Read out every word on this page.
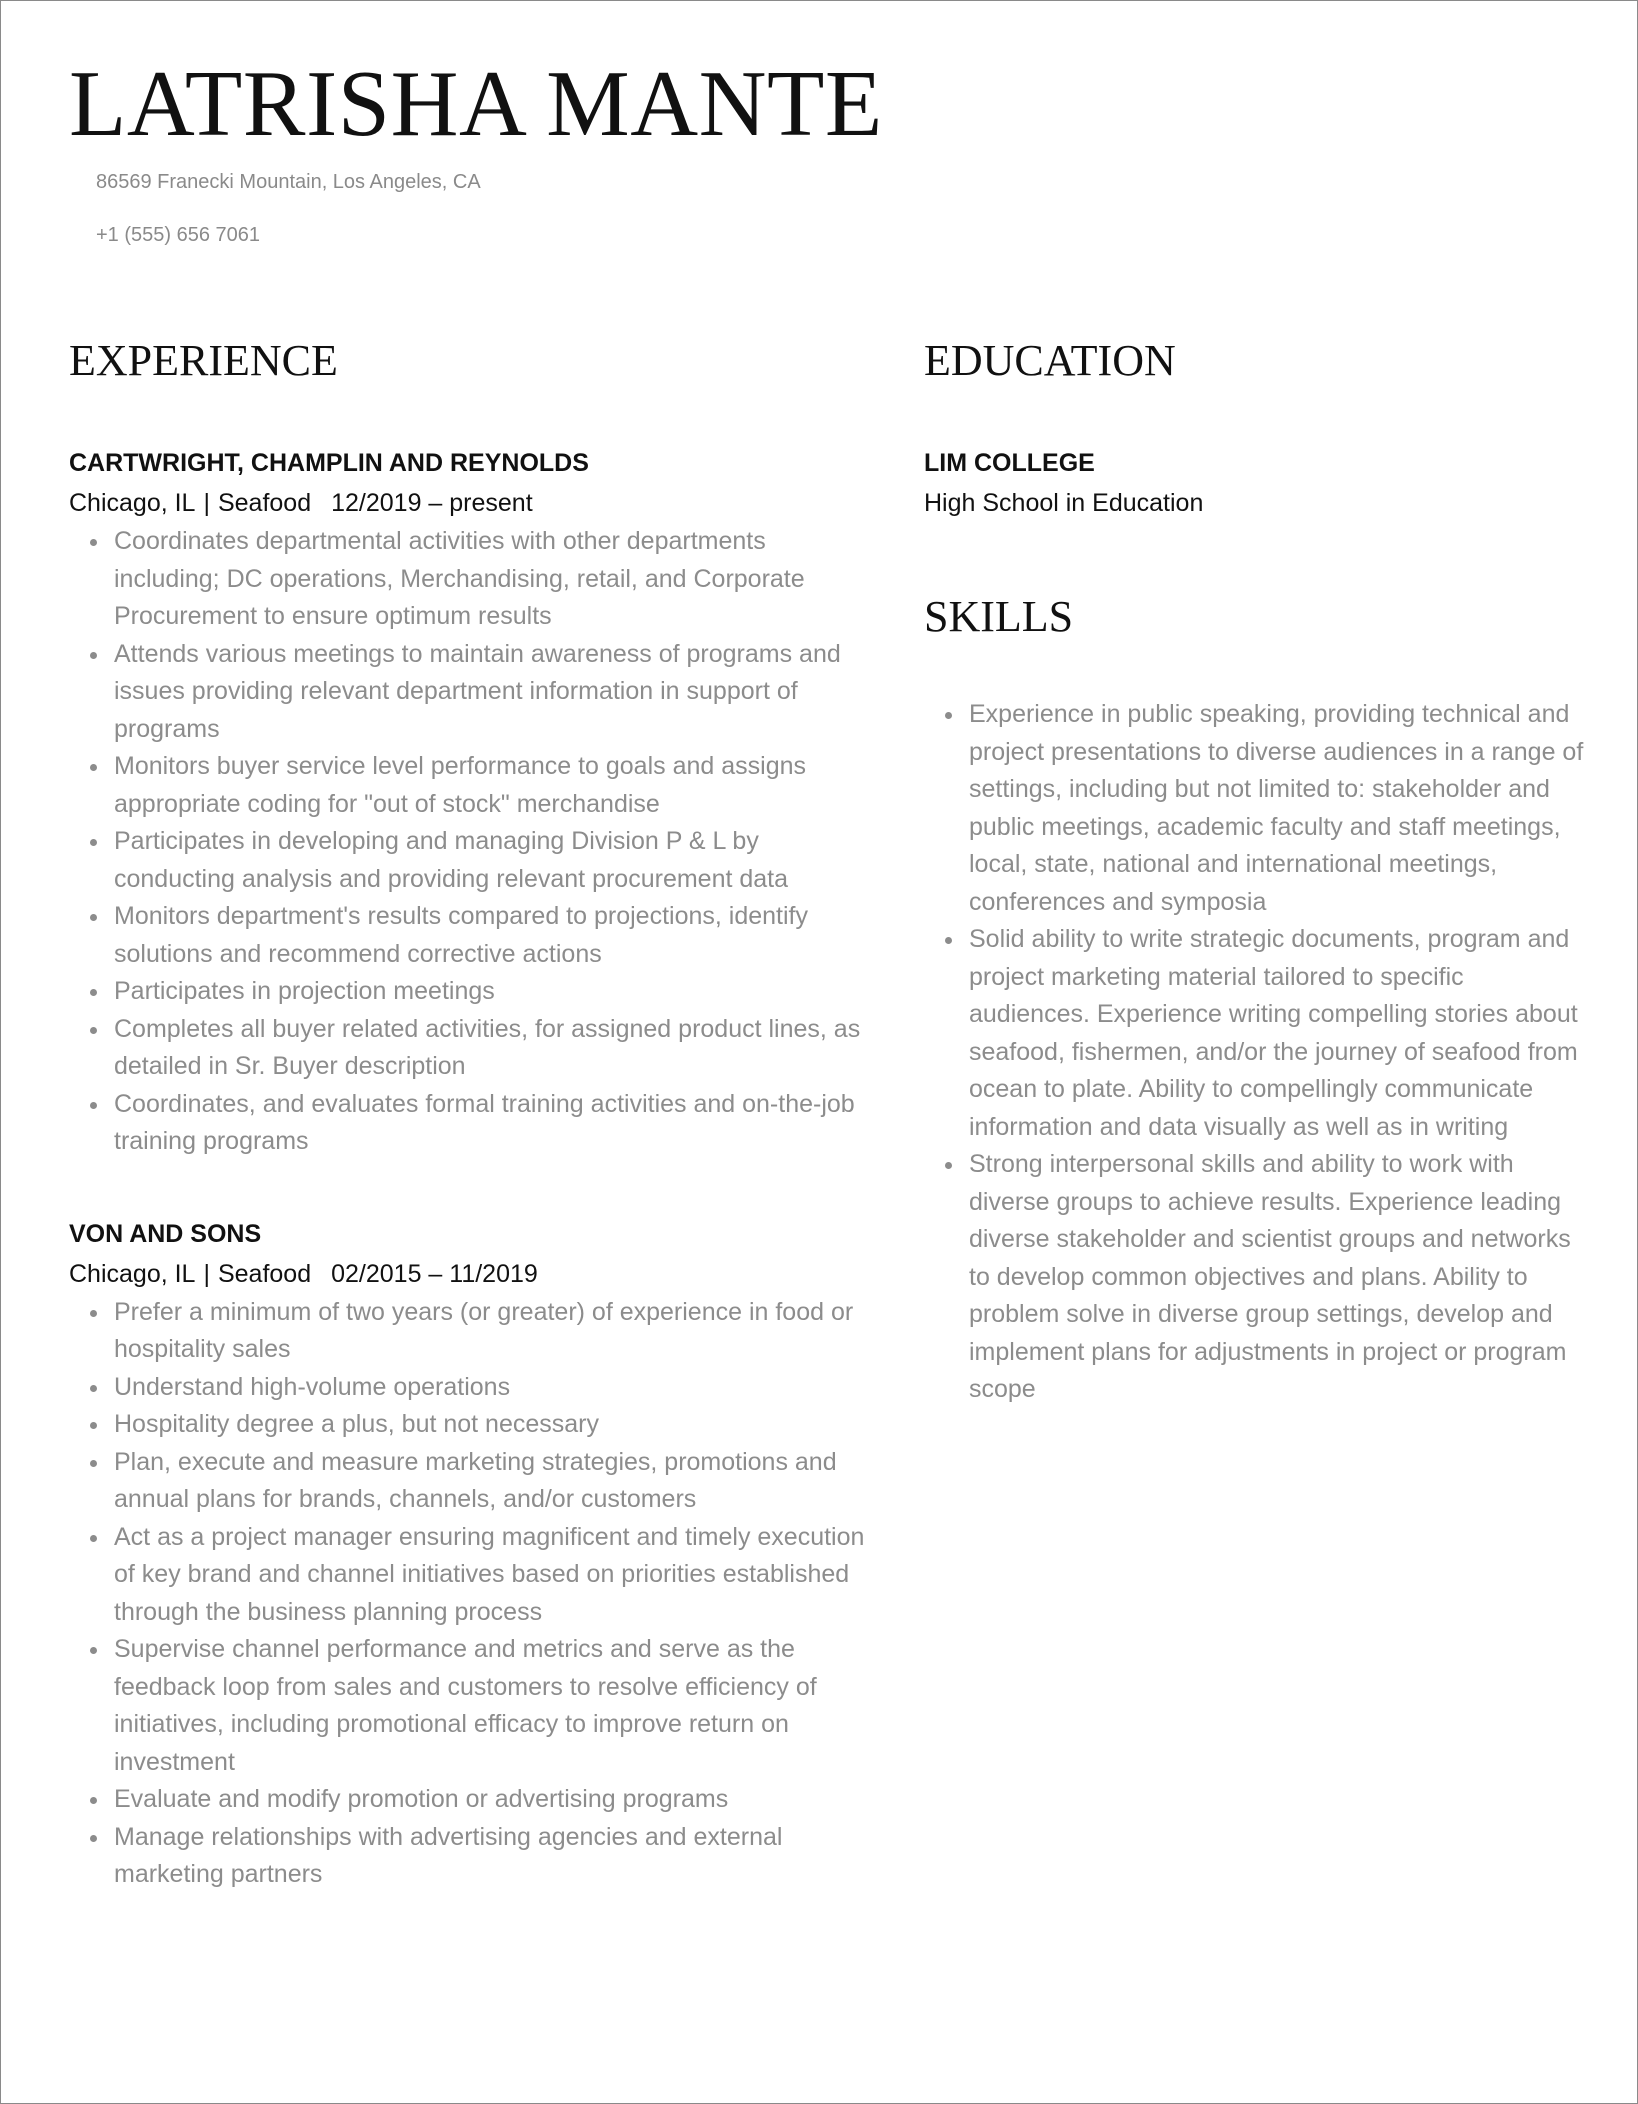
LATRISHA MANTE

86569 Franecki Mountain, Los Angeles, CA

+1 (555) 656 7061

EXPERIENCE

CARTWRIGHT, CHAMPLIN AND REYNOLDS

Chicago, IL | Seafood 12/2019 – present

Coordinates departmental activities with other departments including; DC operations, Merchandising, retail, and Corporate Procurement to ensure optimum results
Attends various meetings to maintain awareness of programs and issues providing relevant department information in support of programs
Monitors buyer service level performance to goals and assigns appropriate coding for "out of stock" merchandise
Participates in developing and managing Division P & L by conducting analysis and providing relevant procurement data
Monitors department's results compared to projections, identify solutions and recommend corrective actions
Participates in projection meetings
Completes all buyer related activities, for assigned product lines, as detailed in Sr. Buyer description
Coordinates, and evaluates formal training activities and on-the-job training programs

VON AND SONS

Chicago, IL | Seafood 02/2015 – 11/2019

Prefer a minimum of two years (or greater) of experience in food or hospitality sales
Understand high-volume operations
Hospitality degree a plus, but not necessary
Plan, execute and measure marketing strategies, promotions and annual plans for brands, channels, and/or customers
Act as a project manager ensuring magnificent and timely execution of key brand and channel initiatives based on priorities established through the business planning process
Supervise channel performance and metrics and serve as the feedback loop from sales and customers to resolve efficiency of initiatives, including promotional efficacy to improve return on investment
Evaluate and modify promotion or advertising programs
Manage relationships with advertising agencies and external marketing partners
EDUCATION

LIM COLLEGE

High School in Education

SKILLS
Experience in public speaking, providing technical and project presentations to diverse audiences in a range of settings, including but not limited to: stakeholder and public meetings, academic faculty and staff meetings, local, state, national and international meetings, conferences and symposia
Solid ability to write strategic documents, program and project marketing material tailored to specific audiences. Experience writing compelling stories about seafood, fishermen, and/or the journey of seafood from ocean to plate. Ability to compellingly communicate information and data visually as well as in writing
Strong interpersonal skills and ability to work with diverse groups to achieve results. Experience leading diverse stakeholder and scientist groups and networks to develop common objectives and plans. Ability to problem solve in diverse group settings, develop and implement plans for adjustments in project or program scope
